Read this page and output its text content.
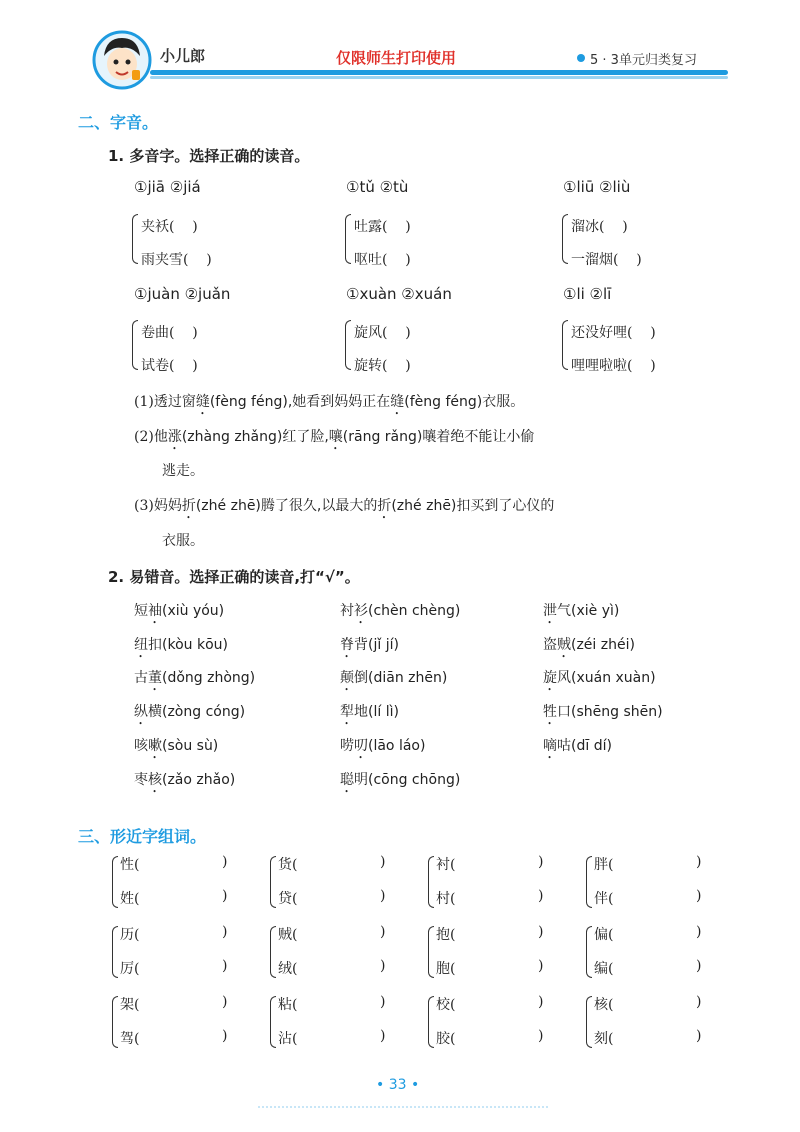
小儿郎	仅限师生打印使用	5 · 3单元归类复习
二、字音。
1. 多音字。选择正确的读音。
①jiā ②jiá
夹袄(    )
雨夹雪(    )
①tǔ ②tù
吐露(    )
呕吐(    )
①liū ②liù
溜冰(    )
一溜烟(    )
①juàn ②juǎn
卷曲(    )
试卷(    )
①xuàn ②xuán
旋风(    )
旋转(    )
①li ②lī
还没好哩(    )
哩哩啦啦(    )
(1)透过窗缝(fèng féng),她看到妈妈正在缝(fèng féng)衣服。
(2)他涨(zhàng zhǎng)红了脸,嚷(rāng rǎng)嚷着绝不能让小偷
逃走。
(3)妈妈折(zhé zhē)腾了很久,以最大的折(zhé zhē)扣买到了心仪的
衣服。
2. 易错音。选择正确的读音,打“√”。
短袖(xiù yóu)	衬衫(chèn chèng)	泄气(xiè yì)
纽扣(kòu kōu)	脊背(jǐ jí)	盗贼(zéi zhéi)
古董(dǒng zhòng)	颠倒(diān zhēn)	旋风(xuán xuàn)
纵横(zòng cóng)	犁地(lí lì)	牲口(shēng shēn)
咳嗽(sòu sù)	唠叨(lāo láo)	嘀咕(dī dí)
枣核(zǎo zhǎo)	聪明(cōng chōng)
三、形近字组词。
性(	)
姓(	)
货(	)
贷(	)
衬(	)
村(	)
胖(	)
伴(	)
历(	)
厉(	)
贼(	)
绒(	)
抱(	)
胞(	)
偏(	)
编(	)
架(	)
驾(	)
粘(	)
沾(	)
校(	)
胶(	)
核(	)
刻(	)
• 33 •
